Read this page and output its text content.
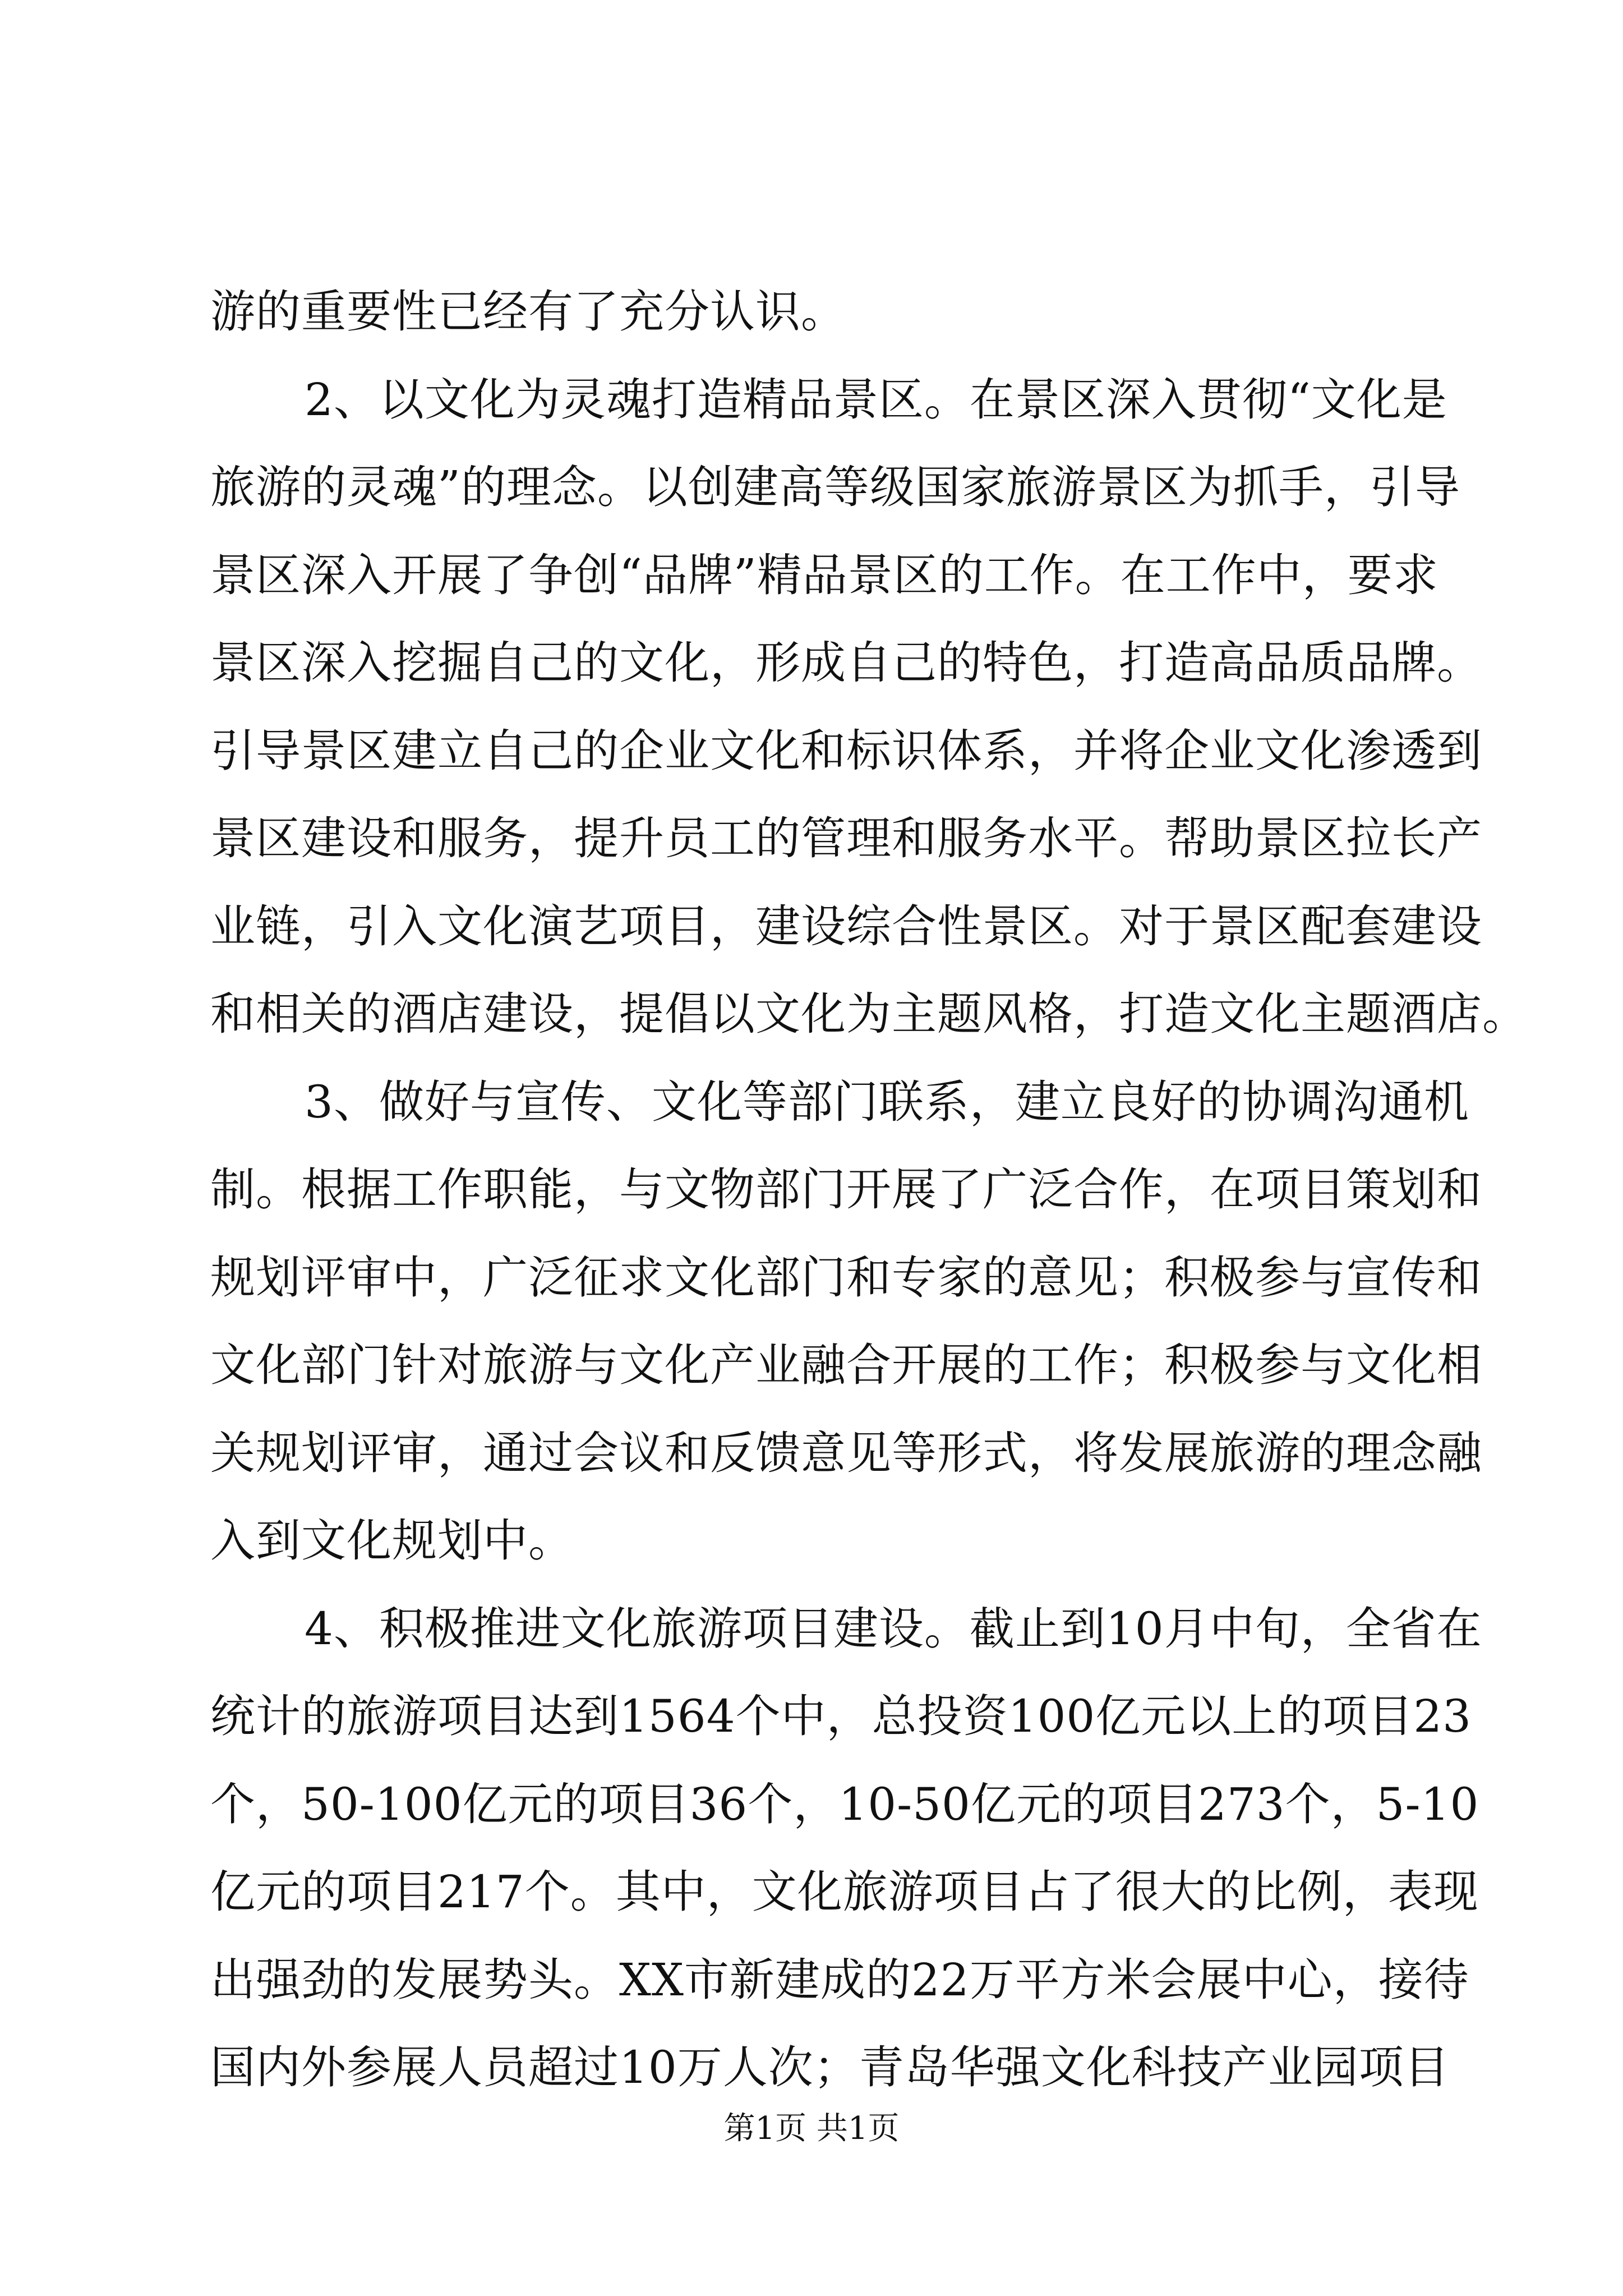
游的重要性已经有了充分认识。
2、以文化为灵魂打造精品景区。在景区深入贯彻“文化是
旅游的灵魂”的理念。以创建高等级国家旅游景区为抓手，引导
景区深入开展了争创“品牌”精品景区的工作。在工作中，要求
景区深入挖掘自己的文化，形成自己的特色，打造高品质品牌。
引导景区建立自己的企业文化和标识体系，并将企业文化渗透到
景区建设和服务，提升员工的管理和服务水平。帮助景区拉长产
业链，引入文化演艺项目，建设综合性景区。对于景区配套建设
和相关的酒店建设，提倡以文化为主题风格，打造文化主题酒店。
3、做好与宣传、文化等部门联系，建立良好的协调沟通机
制。根据工作职能，与文物部门开展了广泛合作，在项目策划和
规划评审中，广泛征求文化部门和专家的意见；积极参与宣传和
文化部门针对旅游与文化产业融合开展的工作；积极参与文化相
关规划评审，通过会议和反馈意见等形式，将发展旅游的理念融
入到文化规划中。
4、积极推进文化旅游项目建设。截止到10月中旬，全省在
统计的旅游项目达到1564个中，总投资100亿元以上的项目23
个，50-100亿元的项目36个，10-50亿元的项目273个，5-10
亿元的项目217个。其中，文化旅游项目占了很大的比例，表现
出强劲的发展势头。XX市新建成的22万平方米会展中心，接待
国内外参展人员超过10万人次；青岛华强文化科技产业园项目
第1页 共1页
